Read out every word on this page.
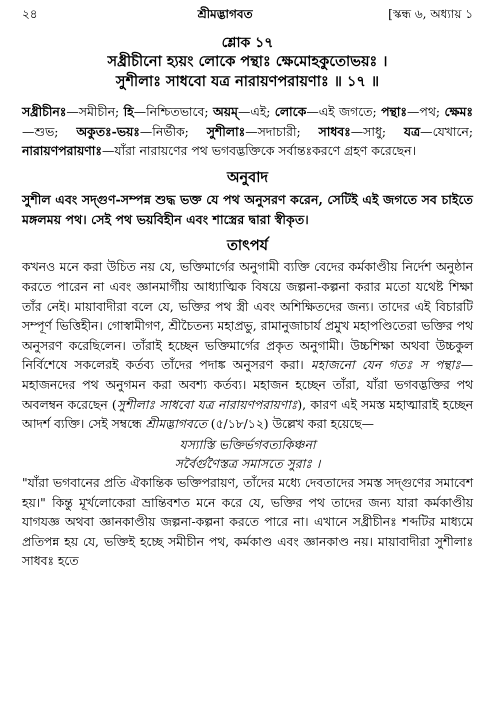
২৪	শ্রীমদ্ভাগবত	[স্কন্ধ ৬, অধ্যায় ১
শ্লোক ১৭
সধ্রীচীনো হ্যয়ং লোকে পন্থাঃ ক্ষেমোহকুতোভয়ঃ ।
সুশীলাঃ সাধবো যত্র নারায়ণপরায়ণাঃ ॥ ১৭ ॥
সধ্রীচীনঃ—সমীচীন; হি—নিশ্চিতভাবে; অয়ম্—এই; লোকে—এই জগতে; পন্থাঃ—পথ; ক্ষেমঃ—শুভ; অকুতঃ-ভয়ঃ—নির্ভীক; সুশীলাঃ—সদাচারী; সাধবঃ—সাধু; যত্র—যেখানে; নারায়ণপরায়ণাঃ—যাঁরা নারায়ণের পথ ভগবদ্ভক্তিকে সর্বান্তঃকরণে গ্রহণ করেছেন।
অনুবাদ
সুশীল এবং সদ্গুণ-সম্পন্ন শুদ্ধ ভক্ত যে পথ অনুসরণ করেন, সেটিই এই জগতে সব চাইতে মঙ্গলময় পথ। সেই পথ ভয়বিহীন এবং শাস্ত্রের দ্বারা স্বীকৃত।
তাৎপর্য
কখনও মনে করা উচিত নয় যে, ভক্তিমার্গের অনুগামী ব্যক্তি বেদের কর্মকাণ্ডীয় নির্দেশ অনুষ্ঠান করতে পারেন না এবং জ্ঞানমার্গীয় আধ্যাত্মিক বিষয়ে জল্পনা-কল্পনা করার মতো যথেষ্ট শিক্ষা তাঁর নেই। মায়াবাদীরা বলে যে, ভক্তির পথ স্ত্রী এবং অশিক্ষিতদের জন্য। তাদের এই বিচারটি সম্পূর্ণ ভিত্তিহীন। গোস্বামীগণ, শ্রীচৈতন্য মহাপ্রভু, রামানুজাচার্য প্রমুখ মহাপণ্ডিতেরা ভক্তির পথ অনুসরণ করেছিলেন। তাঁরাই হচ্ছেন ভক্তিমার্গের প্রকৃত অনুগামী। উচ্চশিক্ষা অথবা উচ্চকুল নির্বিশেষে সকলেরই কর্তব্য তাঁদের পদাঙ্ক অনুসরণ করা। মহাজনো যেন গতঃ স পন্থাঃ—মহাজনদের পথ অনুগমন করা অবশ্য কর্তব্য। মহাজন হচ্ছেন তাঁরা, যাঁরা ভগবদ্ভক্তির পথ অবলম্বন করেছেন (সুশীলাঃ সাধবো যত্র নারায়ণপরায়ণাঃ), কারণ এই সমস্ত মহাত্মারাই হচ্ছেন আদর্শ ব্যক্তি। সেই সম্বন্ধে শ্রীমদ্ভাগবতে (৫/১৮/১২) উল্লেখ করা হয়েছে—
যস্যাস্তি ভক্তির্ভগবত্যকিঞ্চনা
সর্বৈর্গুণৈস্তত্র সমাসতে সুরাঃ ।
"যাঁরা ভগবানের প্রতি ঐকান্তিক ভক্তিপরায়ণ, তাঁদের মধ্যে দেবতাদের সমস্ত সদ্গুণের সমাবেশ হয়।" কিন্তু মূর্খলোকেরা ভ্রান্তিবশত মনে করে যে, ভক্তির পথ তাদের জন্য যারা কর্মকাণ্ডীয় যাগযজ্ঞ অথবা জ্ঞানকাণ্ডীয় জল্পনা-কল্পনা করতে পারে না। এখানে সধ্রীচীনঃ শব্দটির মাধ্যমে প্রতিপন্ন হয় যে, ভক্তিই হচ্ছে সমীচীন পথ, কর্মকাণ্ড এবং জ্ঞানকাণ্ড নয়। মায়াবাদীরা সুশীলাঃ সাধবঃ হতে
